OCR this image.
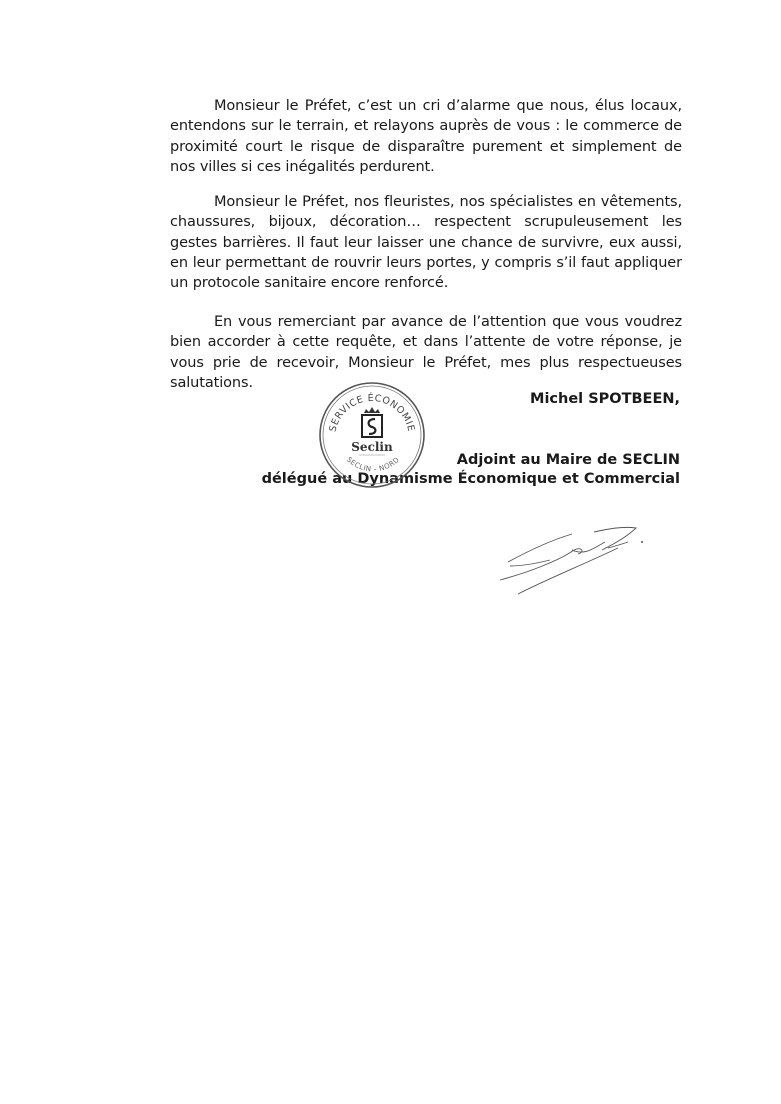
Monsieur le Préfet, c’est un cri d’alarme que nous, élus locaux, entendons sur le terrain, et relayons auprès de vous : le commerce de proximité court le risque de disparaître purement et simplement de nos villes si ces inégalités perdurent.

Monsieur le Préfet, nos fleuristes, nos spécialistes en vêtements, chaussures, bijoux, décoration… respectent scrupuleusement les gestes barrières. Il faut leur laisser une chance de survivre, eux aussi, en leur permettant de rouvrir leurs portes, y compris s’il faut appliquer un protocole sanitaire encore renforcé.

En vous remerciant par avance de l’attention que vous voudrez bien accorder à cette requête, et dans l’attente de votre réponse, je vous prie de recevoir, Monsieur le Préfet, mes plus respectueuses salutations.

Michel SPOTBEEN,
Adjoint au Maire de SECLIN
délégué au Dynamisme Économique et Commercial
SERVICE ÉCONOMIE
SECLIN - NORD
Seclin
